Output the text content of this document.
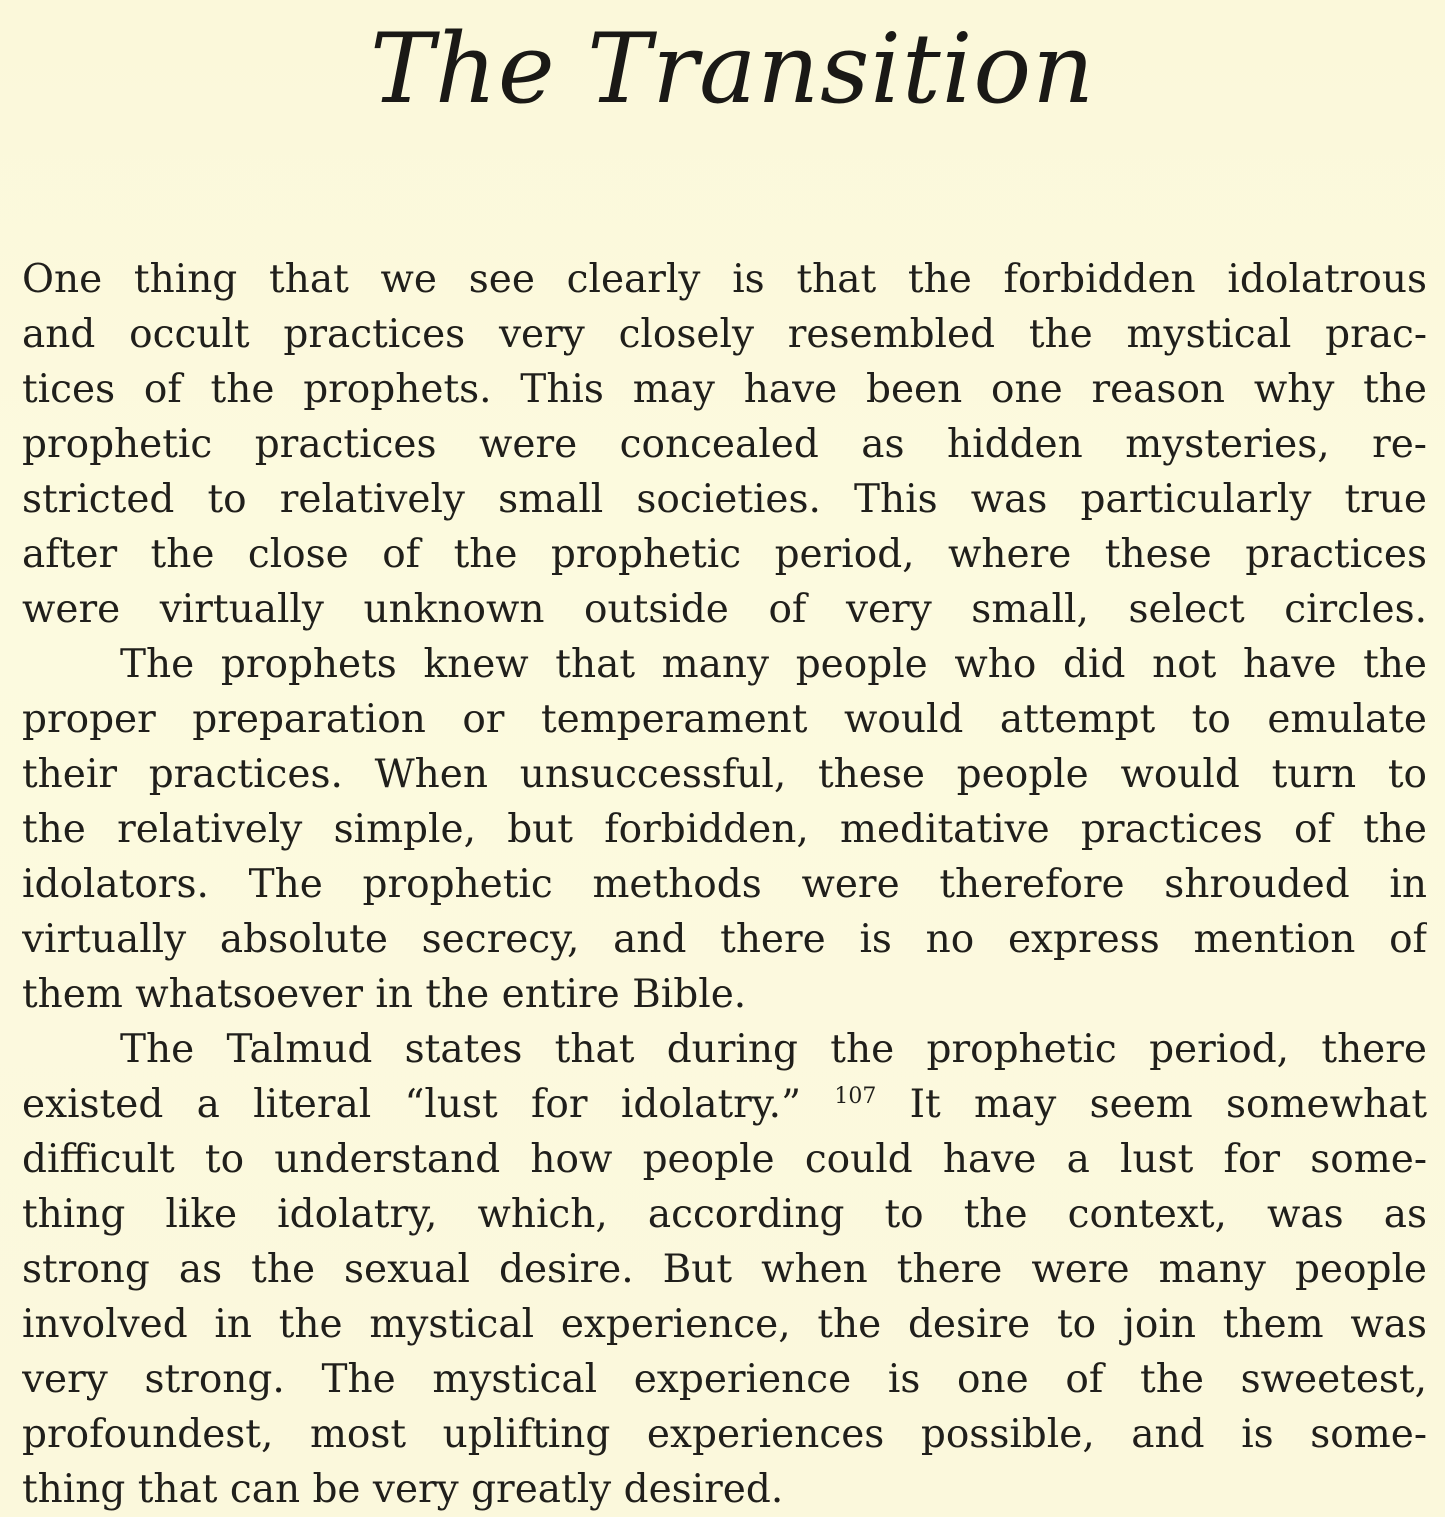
The Transition
One thing that we see clearly is that the forbidden idolatrous
and occult practices very closely resembled the mystical prac-
tices of the prophets. This may have been one reason why the
prophetic practices were concealed as hidden mysteries, re-
stricted to relatively small societies. This was particularly true
after the close of the prophetic period, where these practices
were virtually unknown outside of very small, select circles.
The prophets knew that many people who did not have the
proper preparation or temperament would attempt to emulate
their practices. When unsuccessful, these people would turn to
the relatively simple, but forbidden, meditative practices of the
idolators. The prophetic methods were therefore shrouded in
virtually absolute secrecy, and there is no express mention of
them whatsoever in the entire Bible.
The Talmud states that during the prophetic period, there
existed a literal “lust for idolatry.” $^{107}$ It may seem somewhat
difficult to understand how people could have a lust for some-
thing like idolatry, which, according to the context, was as
strong as the sexual desire. But when there were many people
involved in the mystical experience, the desire to join them was
very strong. The mystical experience is one of the sweetest,
profoundest, most uplifting experiences possible, and is some-
thing that can be very greatly desired.
